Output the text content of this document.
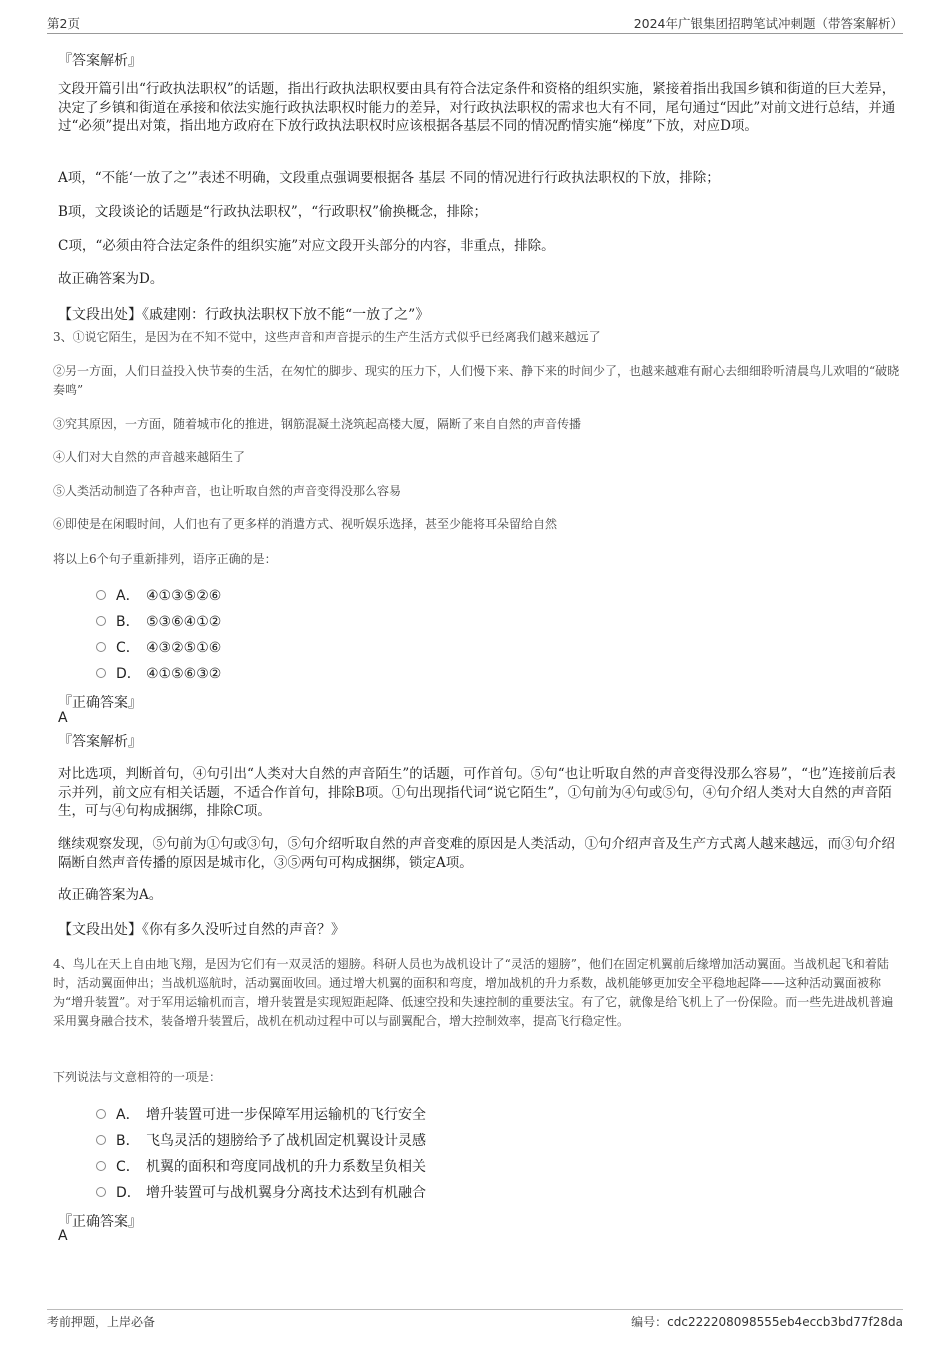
第2页	2024年广银集团招聘笔试冲刺题（带答案解析）
『答案解析』
文段开篇引出“行政执法职权”的话题，指出行政执法职权要由具有符合法定条件和资格的组织实施，紧接着指出我国乡镇和街道的巨大差异，决定了乡镇和街道在承接和依法实施行政执法职权时能力的差异，对行政执法职权的需求也大有不同，尾句通过“因此”对前文进行总结，并通过“必须”提出对策，指出地方政府在下放行政执法职权时应该根据各基层不同的情况酌情实施“梯度”下放，对应D项。
A项，“不能‘一放了之’”表述不明确，文段重点强调要根据各 基层 不同的情况进行行政执法职权的下放，排除；
B项，文段谈论的话题是“行政执法职权”，“行政职权”偷换概念，排除；
C项，“必须由符合法定条件的组织实施”对应文段开头部分的内容，非重点，排除。
故正确答案为D。
【文段出处】《戚建刚：行政执法职权下放不能“一放了之”》
3、①说它陌生，是因为在不知不觉中，这些声音和声音提示的生产生活方式似乎已经离我们越来越远了
②另一方面，人们日益投入快节奏的生活，在匆忙的脚步、现实的压力下，人们慢下来、静下来的时间少了，也越来越难有耐心去细细聆听清晨鸟儿欢唱的“破晓奏鸣”
③究其原因，一方面，随着城市化的推进，钢筋混凝土浇筑起高楼大厦，隔断了来自自然的声音传播
④人们对大自然的声音越来越陌生了
⑤人类活动制造了各种声音，也让听取自然的声音变得没那么容易
⑥即使是在闲暇时间，人们也有了更多样的消遣方式、视听娱乐选择，甚至少能将耳朵留给自然
将以上6个句子重新排列，语序正确的是：
A． ④①③⑤②⑥
B． ⑤③⑥④①②
C． ④③②⑤①⑥
D． ④①⑤⑥③②
『正确答案』
A
『答案解析』
对比选项，判断首句，④句引出“人类对大自然的声音陌生”的话题，可作首句。⑤句“也让听取自然的声音变得没那么容易”，“也”连接前后表示并列，前文应有相关话题，不适合作首句，排除B项。①句出现指代词“说它陌生”，①句前为④句或⑤句，④句介绍人类对大自然的声音陌生，可与④句构成捆绑，排除C项。
继续观察发现，⑤句前为①句或③句，⑤句介绍听取自然的声音变难的原因是人类活动，①句介绍声音及生产方式离人越来越远，而③句介绍隔断自然声音传播的原因是城市化，③⑤两句可构成捆绑，锁定A项。
故正确答案为A。
【文段出处】《你有多久没听过自然的声音？》
4、鸟儿在天上自由地飞翔，是因为它们有一双灵活的翅膀。科研人员也为战机设计了“灵活的翅膀”，他们在固定机翼前后缘增加活动翼面。当战机起飞和着陆时，活动翼面伸出；当战机巡航时，活动翼面收回。通过增大机翼的面积和弯度，增加战机的升力系数，战机能够更加安全平稳地起降——这种活动翼面被称为“增升装置”。对于军用运输机而言，增升装置是实现短距起降、低速空投和失速控制的重要法宝。有了它，就像是给飞机上了一份保险。而一些先进战机普遍采用翼身融合技术，装备增升装置后，战机在机动过程中可以与副翼配合，增大控制效率，提高飞行稳定性。
下列说法与文意相符的一项是：
A． 增升装置可进一步保障军用运输机的飞行安全
B． 飞鸟灵活的翅膀给予了战机固定机翼设计灵感
C． 机翼的面积和弯度同战机的升力系数呈负相关
D． 增升装置可与战机翼身分离技术达到有机融合
『正确答案』
A
考前押题，上岸必备	编号：cdc222208098555eb4eccb3bd77f28da
